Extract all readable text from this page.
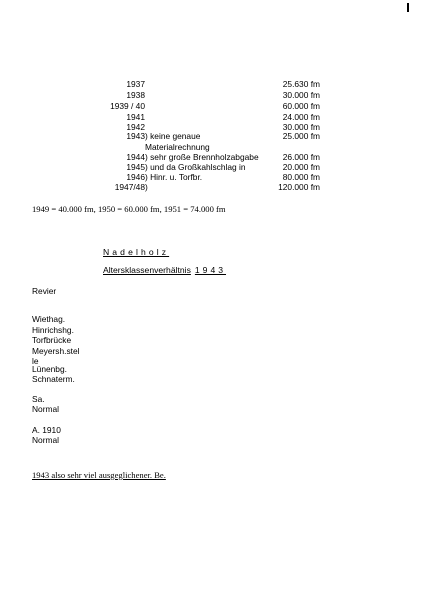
1937	25.630 fm
1938	30.000 fm
1939 / 40	60.000 fm
1941	24.000 fm
1942	30.000 fm
1943 ) keine genaue	25.000 fm
Materialrechnung
1944 ) sehr große Brennholzabgabe	26.000 fm
1945 ) und da Großkahlschlag in	20.000 fm
1946 ) Hinr. u. Torfbr.	80.000 fm
1947/48 )	120.000 fm
1949 = 40.000 fm, 1950 = 60.000 fm, 1951 = 74.000 fm
Nadelholz
Altersklassenverhältnis 1943
Revier
Wiethag.
Hinrichshg.
Torfbrücke
Meyersh.stel
le
Lünenbg.
Schnaterm.
Sa.
Normal
A. 1910
Normal
1943 also sehr viel ausgeglichener. Be.
